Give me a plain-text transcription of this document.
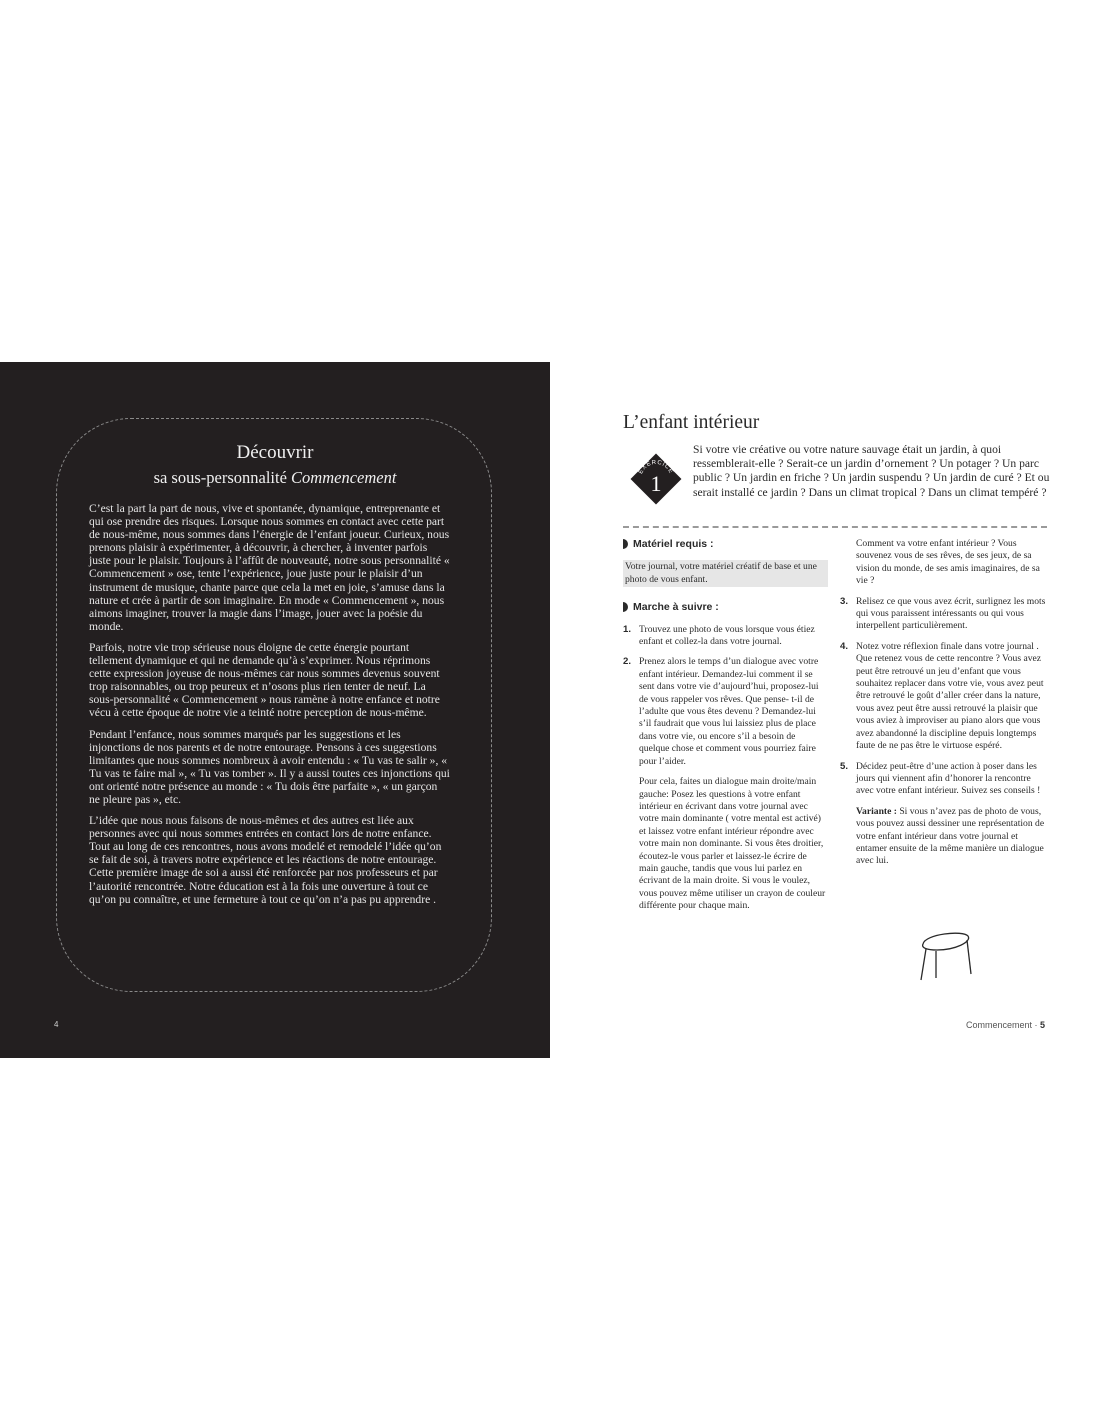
Découvrir
sa sous-personnalité Commencement

C’est la part la part de nous, vive et spontanée, dynamique, entreprenante et qui ose prendre des risques. Lorsque nous sommes en contact avec cette part de nous-même, nous sommes dans l’énergie de l’enfant joueur. Curieux, nous prenons plaisir à expérimenter, à découvrir, à chercher, à inventer parfois juste pour le plaisir. Toujours à l’affût de nouveauté, notre sous personnalité « Commencement » ose, tente l’expérience, joue juste pour le plaisir d’un instrument de musique, chante parce que cela la met en joie, s’amuse dans la nature et crée à partir de son imaginaire. En mode « Commencement », nous aimons imaginer, trouver la magie dans l’image, jouer avec la poésie du monde.

Parfois, notre vie trop sérieuse nous éloigne de cette énergie pourtant tellement dynamique et qui ne demande qu’à s’exprimer. Nous réprimons cette expression joyeuse de nous-mêmes car nous sommes devenus souvent trop raisonnables, ou trop peureux et n’osons plus rien tenter de neuf. La sous-personnalité « Commencement » nous ramène à notre enfance et notre vécu à cette époque de notre vie a teinté notre perception de nous-même.

Pendant l’enfance, nous sommes marqués par les suggestions et les injonctions de nos parents et de notre entourage. Pensons à ces suggestions limitantes que nous sommes nombreux à avoir entendu : « Tu vas te salir », « Tu vas te faire mal », « Tu vas tomber ». Il y a aussi toutes ces injonctions qui ont orienté notre présence au monde : « Tu dois être parfaite », « un garçon ne pleure pas », etc.

L’idée que nous nous faisons de nous-mêmes et des autres est liée aux personnes avec qui nous sommes entrées en contact lors de notre enfance. Tout au long de ces rencontres, nous avons modelé et remodelé l’idée qu’on se fait de soi, à travers notre expérience et les réactions de notre entourage. Cette première image de soi a aussi été renforcée par nos professeurs et par l’autorité rencontrée. Notre éducation est à la fois une ouverture à tout ce qu’on pu connaître, et une fermeture à tout ce qu’on n’a pas pu apprendre .

4
L’enfant intérieur
EXERCICE
1
Si votre vie créative ou votre nature sauvage était un jardin, à quoi ressemblerait-elle ? Serait-ce un jardin d’ornement ? Un potager ? Un parc public ? Un jardin en friche ? Un jardin suspendu ? Un jardin de curé ? Et ou serait installé ce jardin ? Dans un climat tropical ? Dans un climat tempéré ?
Matériel requis :
Votre journal, votre matériel créatif de base et une photo de vous enfant.
Marche à suivre :
1. Trouvez une photo de vous lorsque vous étiez enfant et collez-la dans votre journal.
2. Prenez alors le temps d’un dialogue avec votre enfant intérieur. Demandez-lui comment il se sent dans votre vie d’aujourd’hui, proposez-lui de vous rappeler vos rêves. Que pense- t-il de l’adulte que vous êtes devenu ? Demandez-lui s’il faudrait que vous lui laissiez plus de place dans votre vie, ou encore s’il a besoin de quelque chose et comment vous pourriez faire pour l’aider.

Pour cela, faites un dialogue main droite/main gauche: Posez les questions à votre enfant intérieur en écrivant dans votre journal avec votre main dominante ( votre mental est activé) et laissez votre enfant intérieur répondre avec votre main non dominante. Si vous êtes droitier, écoutez-le vous parler et laissez-le écrire de main gauche, tandis que vous lui parlez en écrivant de la main droite. Si vous le voulez, vous pouvez même utiliser un crayon de couleur différente pour chaque main.

Comment va votre enfant intérieur ? Vous souvenez vous de ses rêves, de ses jeux, de sa vision du monde, de ses amis imaginaires, de sa vie ?

3. Relisez ce que vous avez écrit, surlignez les mots qui vous paraissent intéressants ou qui vous interpellent particulièrement.
4. Notez votre réflexion finale dans votre journal . Que retenez vous de cette rencontre ? Vous avez peut être retrouvé un jeu d’enfant que vous souhaitez replacer dans votre vie, vous avez peut être retrouvé le goût d’aller créer dans la nature, vous avez peut être aussi retrouvé la plaisir que vous aviez à improviser au piano alors que vous avez abandonné la discipline depuis longtemps faute de ne pas être le virtuose espéré.
5. Décidez peut-être d’une action à poser dans les jours qui viennent afin d’honorer la rencontre avec votre enfant intérieur. Suivez ses conseils !

Variante : Si vous n’avez pas de photo de vous, vous pouvez aussi dessiner une représentation de votre enfant intérieur dans votre journal et entamer ensuite de la même manière un dialogue avec lui.

Commencement · 5
